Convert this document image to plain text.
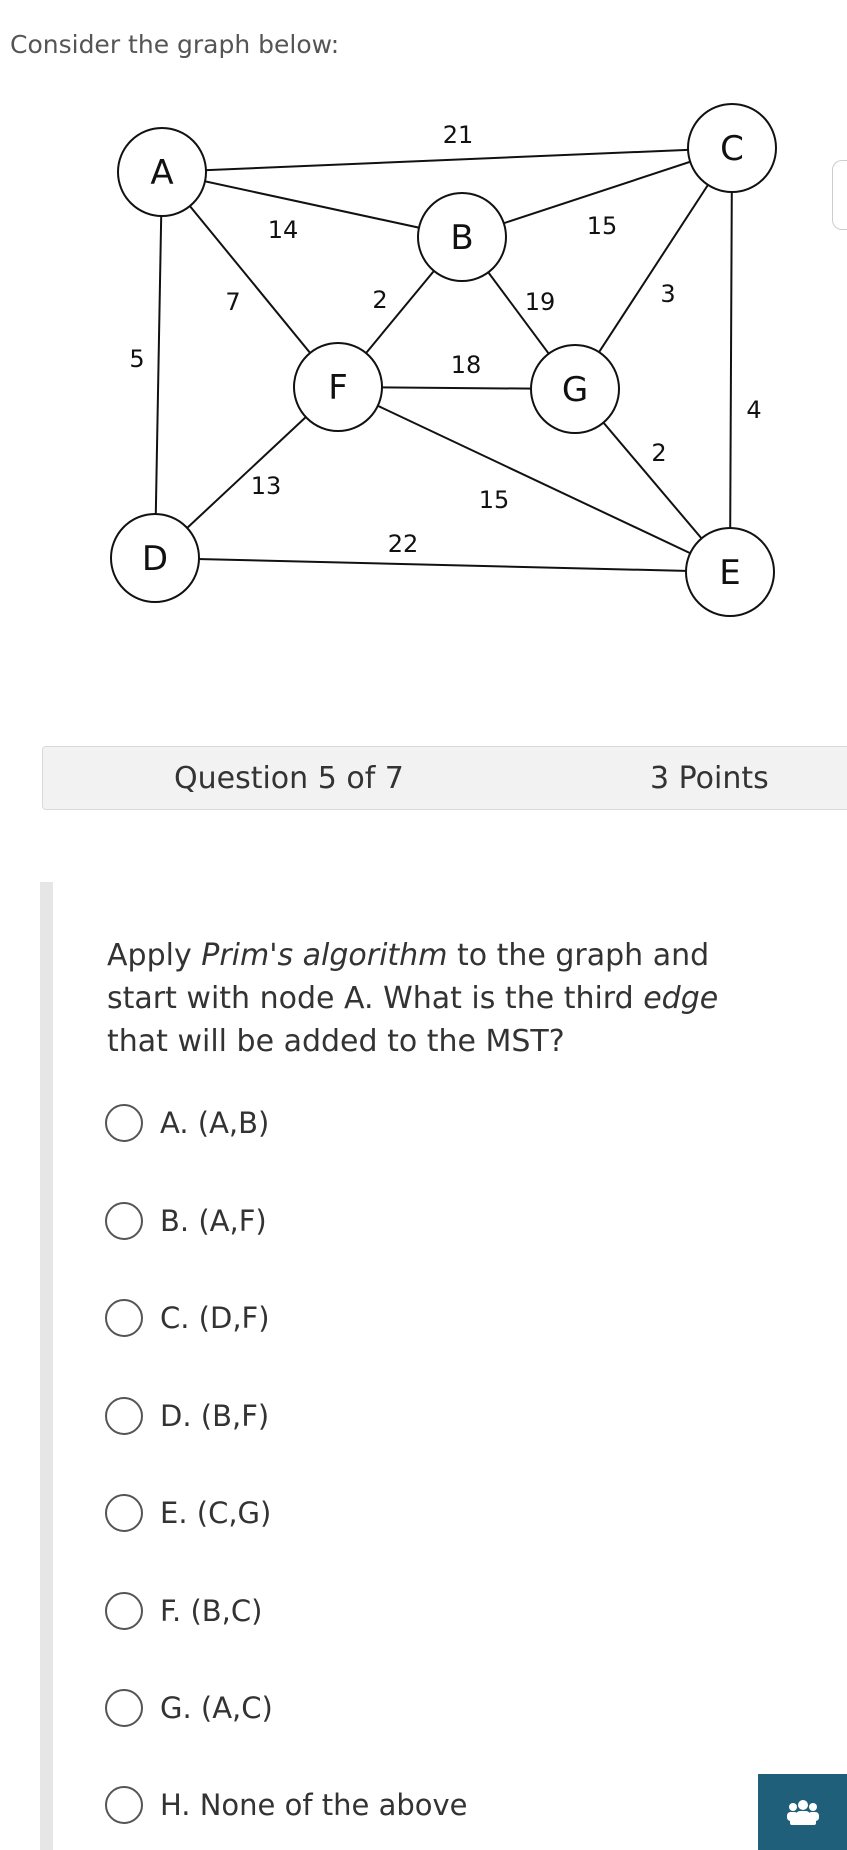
Consider the graph below:
21
14
7
5
15
2	19	3
4
18
2
13	15
22
A
B
C
D	E
F	G
Question 5 of 7	3 Points
Apply Prim's algorithm to the graph and start with node A. What is the third edge that will be added to the MST?
A. (A,B)
B. (A,F)
C. (D,F)
D. (B,F)
E. (C,G)
F. (B,C)
G. (A,C)
H. None of the above
